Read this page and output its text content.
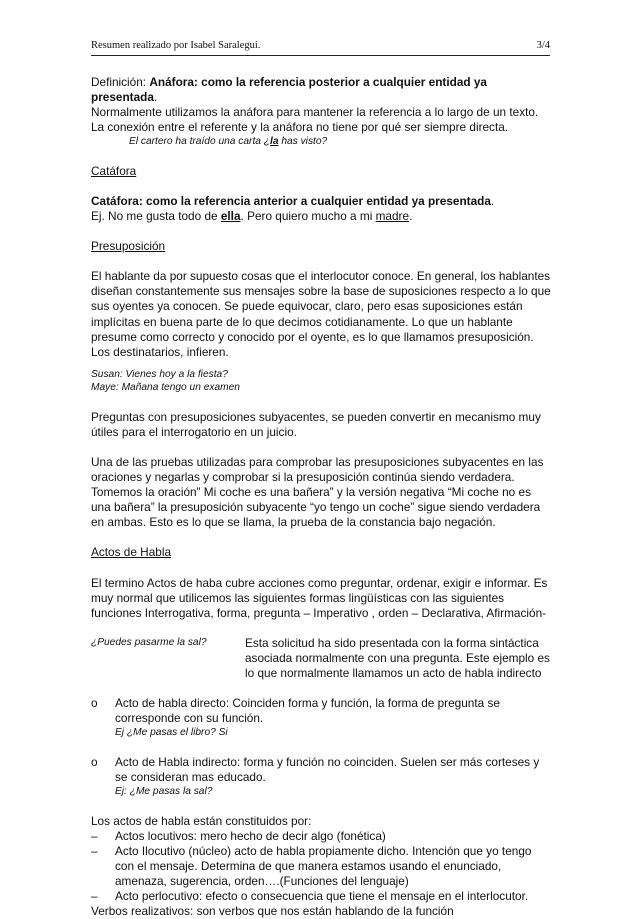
Resumen realizado por Isabel Saralegui.	3/4

Definición: Anáfora: como la referencia posterior a cualquier entidad ya presentada.

Normalmente utilizamos la anáfora para mantener la referencia a lo largo de un texto. La conexión entre el referente y la anáfora no tiene por qué ser siempre directa.

El cartero ha traído una carta ¿la has visto?

Catáfora

Catáfora: como la referencia anterior a cualquier entidad ya presentada.

Ej. No me gusta todo de ella. Pero quiero mucho a mi madre.

Presuposición

El hablante da por supuesto cosas que el interlocutor conoce. En general, los hablantes diseñan constantemente sus mensajes sobre la base de suposiciones respecto a lo que sus oyentes ya conocen. Se puede equivocar, claro, pero esas suposiciones están implícitas en buena parte de lo que decimos cotidianamente. Lo que un hablante presume como correcto y conocido por el oyente, es lo que llamamos presuposición. Los destinatarios, infieren.

Susan: Vienes hoy a la fiesta?

Maye: Mañana tengo un examen

Preguntas con presuposiciones subyacentes, se pueden convertir en mecanismo muy útiles para el interrogatorio en un juicio.

Una de las pruebas utilizadas para comprobar las presuposiciones subyacentes en las oraciones y negarlas y comprobar si la presuposición continúa siendo verdadera. Tomemos la oración” Mi coche es una bañera” y la versión negativa “Mi coche no es una bañera” la presuposición subyacente “yo tengo un coche” sigue siendo verdadera en ambas. Esto es lo que se llama, la prueba de la constancia bajo negación.

Actos de Habla

El termino Actos de haba cubre acciones como preguntar, ordenar, exigir e informar. Es muy normal que utilicemos las siguientes formas lingüísticas con las siguientes funciones Interrogativa, forma, pregunta – Imperativo , orden – Declarativa, Afirmación-

¿Puedes pasarme la sal?	Esta solicitud ha sido presentada con la forma sintáctica asociada normalmente con una pregunta. Este ejemplo es lo que normalmente llamamos un acto de habla indirecto
o	Acto de habla directo: Coinciden forma y función, la forma de pregunta se corresponde con su función.

Ej ¿Me pasas el libro? Si

o	Acto de Habla indirecto: forma y función no coinciden. Suelen ser más corteses y se consideran mas educado.

Ej: ¿Me pasas la sal?

Los actos de habla están constituidos por:

–	Actos locutivos: mero hecho de decir algo (fonética)

–	Acto Ilocutivo (núcleo) acto de habla propiamente dicho. Intención que yo tengo con el mensaje. Determina de que manera estamos usando el enunciado, amenaza, sugerencia, orden….(Funciones del lenguaje)

–	Acto perlocutivo: efecto o consecuencia que tiene el mensaje en el interlocutor.

Verbos realizativos: son verbos que nos están hablando de la función
